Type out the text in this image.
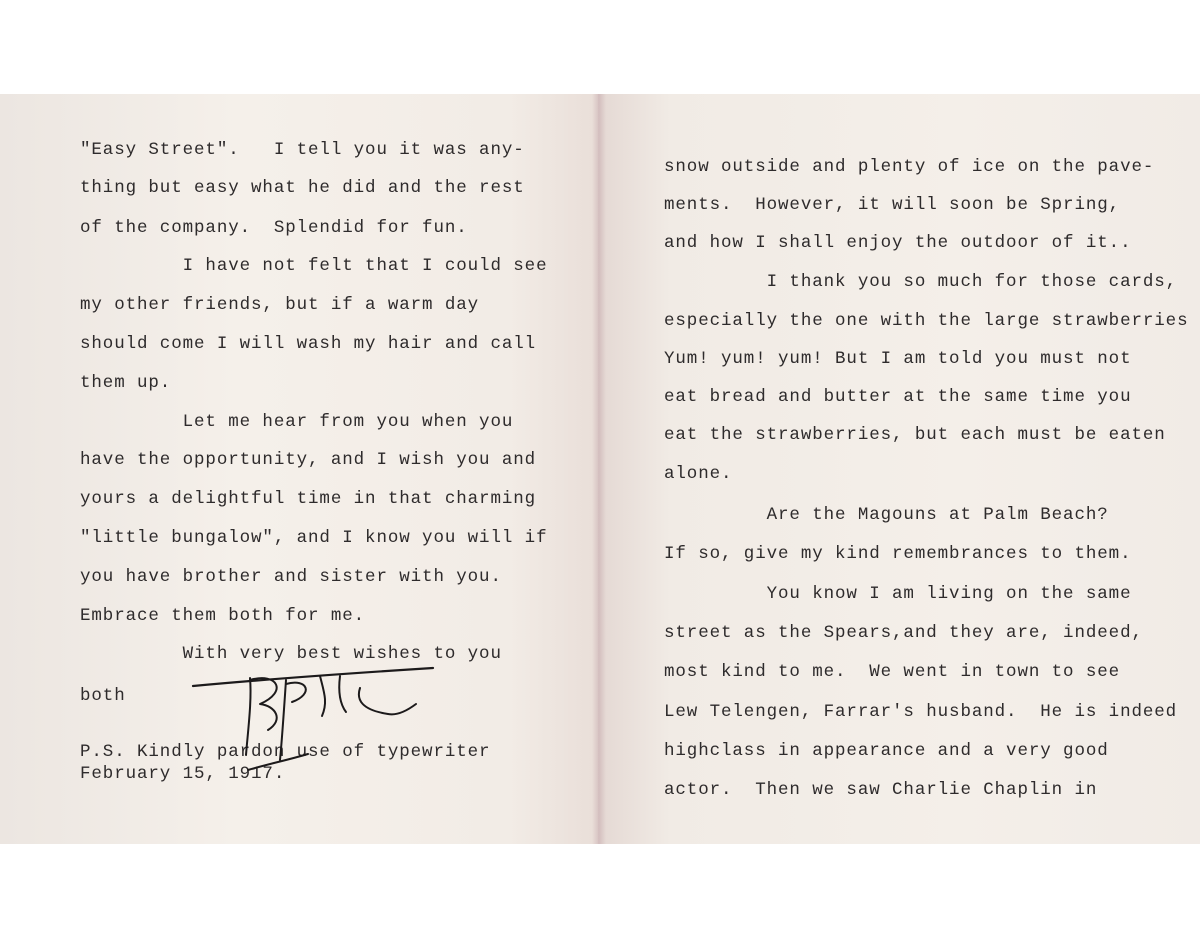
"Easy Street".   I tell you it was any-
thing but easy what he did and the rest
of the company.  Splendid for fun.
I have not felt that I could see
my other friends, but if a warm day
should come I will wash my hair and call
them up.
Let me hear from you when you
have the opportunity, and I wish you and
yours a delightful time in that charming
"little bungalow", and I know you will if
you have brother and sister with you.
Embrace them both for me.
With very best wishes to you
both
P.S. Kindly pardon use of typewriter
February 15, 1917.
snow outside and plenty of ice on the pave-
ments.  However, it will soon be Spring,
and how I shall enjoy the outdoor of it..
I thank you so much for those cards,
especially the one with the large strawberries
Yum! yum! yum! But I am told you must not
eat bread and butter at the same time you
eat the strawberries, but each must be eaten
alone.
Are the Magouns at Palm Beach?
If so, give my kind remembrances to them.
You know I am living on the same
street as the Spears,and they are, indeed,
most kind to me.  We went in town to see
Lew Telengen, Farrar's husband.  He is indeed
highclass in appearance and a very good
actor.  Then we saw Charlie Chaplin in
